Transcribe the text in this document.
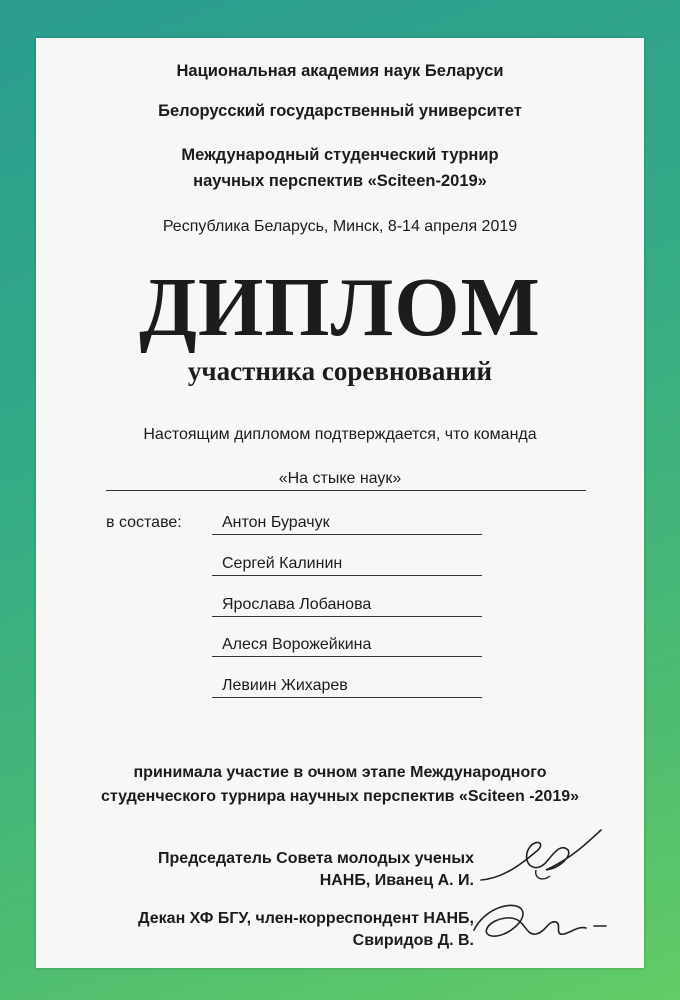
Национальная академия наук Беларуси
Белорусский государственный университет
Международный студенческий турнир
научных перспектив «Sciteen-2019»
Республика Беларусь, Минск, 8-14 апреля 2019
ДИПЛОМ
участника соревнований
Настоящим дипломом подтверждается, что команда
«На стыке наук»
в составе:	Антон Бурачук
Сергей Калинин
Ярослава Лобанова
Алеся Ворожейкина
Левиин Жихарев
принимала участие в очном этапе Международного
студенческого турнира научных перспектив «Sciteen -2019»
Председатель Совета молодых ученых
НАНБ, Иванец А. И.
Декан ХФ БГУ, член-корреспондент НАНБ,
Свиридов Д. В.
